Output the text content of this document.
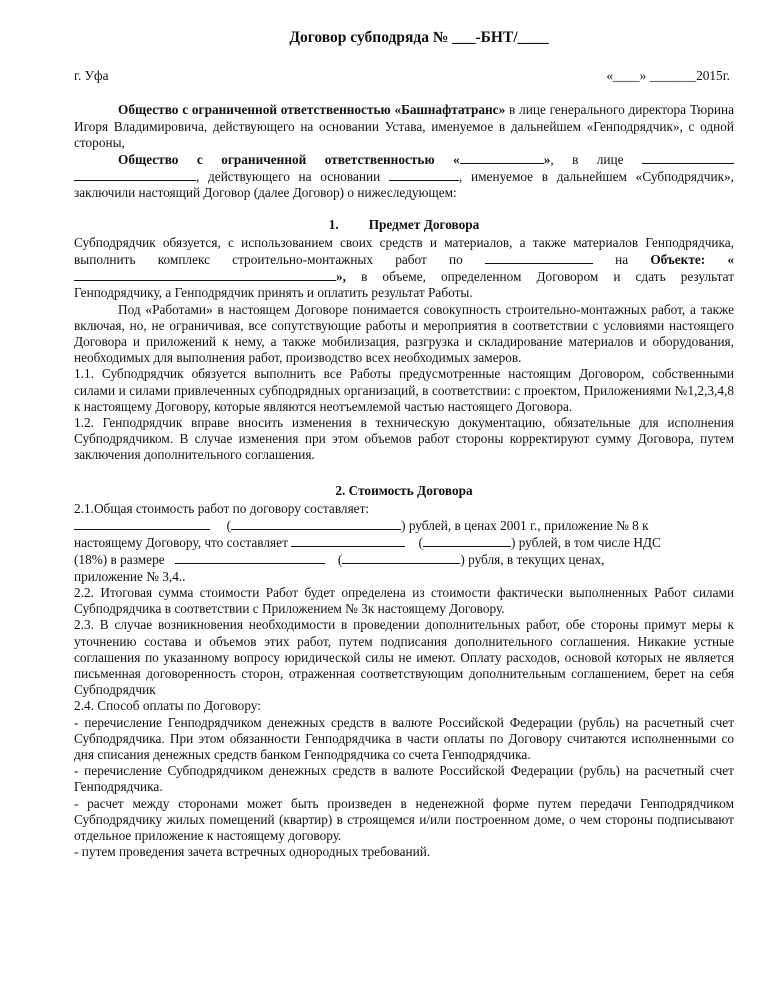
Договор субподряда № ___-БНТ/____
г. Уфа	«____» _______2015г.

Общество с ограниченной ответственностью «Башнафтатранс» в лице генерального директора Тюрина Игоря Владимировича, действующего на основании Устава, именуемое в дальнейшем «Генподрядчик», с одной стороны,

Общество с ограниченной ответственностью «	», в лице  , действующего на основании	, именуемое в дальнейшем «Субподрядчик», заключили настоящий Договор (далее Договор) о нижеследующем:

1. Предмет Договора

Субподрядчик обязуется, с использованием своих средств и материалов, а также материалов Генподрядчика, выполнить комплекс строительно-монтажных работ по	на Объекте: «», в объеме, определенном Договором и сдать результат Генподрядчику, а Генподрядчик принять и оплатить результат Работы.

Под «Работами» в настоящем Договоре понимается совокупность строительно-монтажных работ, а также включая, но, не ограничивая, все сопутствующие работы и мероприятия в соответствии с условиями настоящего Договора и приложений к нему, а также мобилизация, разгрузка и складирование материалов и оборудования, необходимых для выполнения работ, производство всех необходимых замеров.

1.1. Субподрядчик обязуется выполнить все Работы предусмотренные настоящим Договором, собственными силами и силами привлеченных субподрядных организаций, в соответствии: с проектом, Приложениями №1,2,3,4,8 к настоящему Договору, которые являются неотъемлемой частью настоящего Договора.

1.2. Генподрядчик вправе вносить изменения в техническую документацию, обязательные для исполнения Субподрядчиком. В случае изменения при этом объемов работ стороны корректируют сумму Договора, путем заключения дополнительного соглашения.

2. Стоимость Договора

2.1.Общая стоимость работ по договору составляет:

(	) рублей, в ценах 2001 г., приложение № 8 к
настоящему Договору, что составляет	(	) рублей, в том числе НДС
(18%) в размере	(	) рубля, в текущих ценах,

приложение № 3,4..

2.2. Итоговая сумма стоимости Работ будет определена из стоимости фактически выполненных Работ силами Субподрядчика в соответствии с Приложением № 3к настоящему Договору.

2.3. В случае возникновения необходимости в проведении дополнительных работ, обе стороны примут меры к уточнению состава и объемов этих работ, путем подписания дополнительного соглашения. Никакие устные соглашения по указанному вопросу юридической силы не имеют. Оплату расходов, основой которых не является письменная договоренность сторон, отраженная соответствующим дополнительным соглашением, берет на себя Субподрядчик

2.4. Способ оплаты по Договору:

- перечисление Генподрядчиком денежных средств в валюте Российской Федерации (рубль) на расчетный счет Субподрядчика. При этом обязанности Генподрядчика в части оплаты по Договору считаются исполненными со дня списания денежных средств банком Генподрядчика со счета Генподрядчика.

- перечисление Субподрядчиком денежных средств в валюте Российской Федерации (рубль) на расчетный счет Генподрядчика.

- расчет между сторонами может быть произведен в неденежной форме путем передачи Генподрядчиком Субподрядчику жилых помещений (квартир) в строящемся и/или построенном доме, о чем стороны подписывают отдельное приложение к настоящему договору.

- путем проведения зачета встречных однородных требований.
